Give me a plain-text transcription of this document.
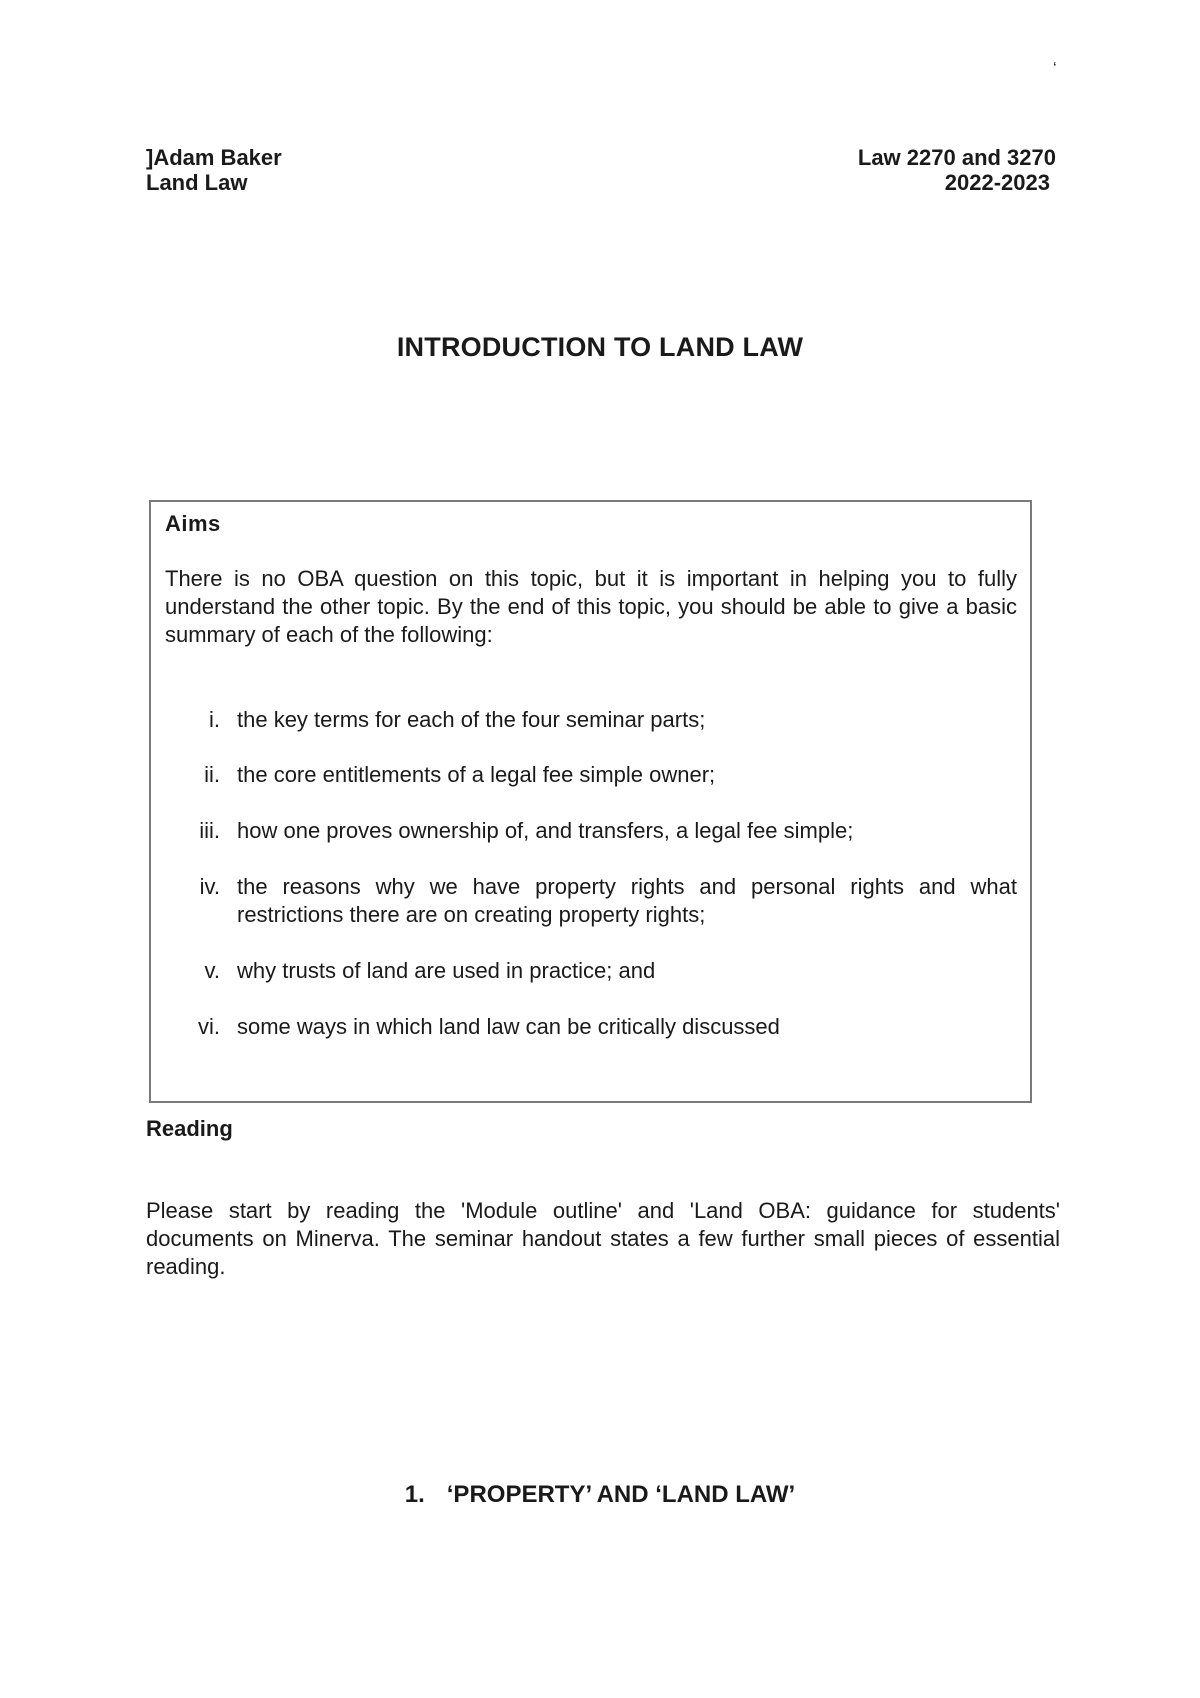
‘
]Adam Baker
Land Law
Law 2270 and 3270
2022-2023
INTRODUCTION TO LAND LAW
Aims

There is no OBA question on this topic, but it is important in helping you to fully understand the other topic. By the end of this topic, you should be able to give a basic summary of each of the following:

i. the key terms for each of the four seminar parts;
ii. the core entitlements of a legal fee simple owner;
iii. how one proves ownership of, and transfers, a legal fee simple;
iv. the reasons why we have property rights and personal rights and what restrictions there are on creating property rights;
v. why trusts of land are used in practice; and
vi. some ways in which land law can be critically discussed
Reading

Please start by reading the 'Module outline' and 'Land OBA: guidance for students' documents on Minerva. The seminar handout states a few further small pieces of essential reading.

1. ‘PROPERTY’ AND ‘LAND LAW’
